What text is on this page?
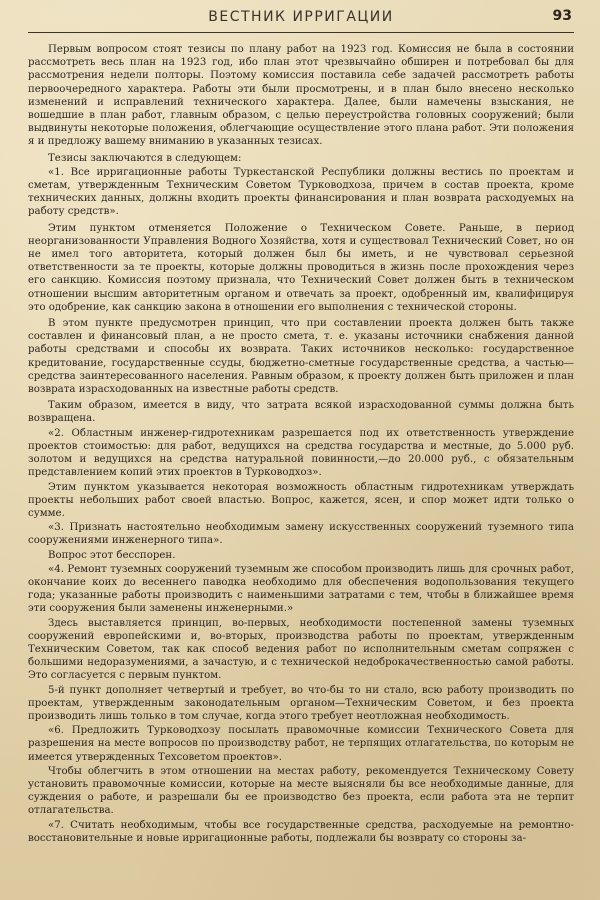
ВЕСТНИК ИРРИГАЦИИ	93

Первым вопросом стоят тезисы по плану работ на 1923 год. Комиссия не была в состоянии рассмотреть весь план на 1923 год, ибо план этот чрезвычайно обширен и потребовал бы для рассмотрения недели полторы. Поэтому комиссия поставила себе задачей рассмотреть работы первоочередного характера. Работы эти были просмотрены, и в план было внесено несколько изменений и исправлений технического характера. Далее, были намечены взыскания, не вошедшие в план работ, главным образом, с целью переустройства головных сооружений; были выдвинуты некоторые положения, облегчающие осуществление этого плана работ. Эти положения я и предложу вашему вниманию в указанных тезисах.

Тезисы заключаются в следующем:

«1. Все ирригационные работы Туркестанской Республики должны вестись по проектам и сметам, утвержденным Техническим Советом Турководхоза, причем в состав проекта, кроме технических данных, должны входить проекты финансирования и план возврата расходуемых на работу средств».

Этим пунктом отменяется Положение о Техническом Совете. Раньше, в период неорганизованности Управления Водного Хозяйства, хотя и существовал Технический Совет, но он не имел того авторитета, который должен был бы иметь, и не чувствовал серьезной ответственности за те проекты, которые должны проводиться в жизнь после прохождения через его санкцию. Комиссия поэтому признала, что Технический Совет должен быть в техническом отношении высшим авторитетным органом и отвечать за проект, одобренный им, квалифицируя это одобрение, как санкцию закона в отношении его выполнения с технической стороны.

В этом пункте предусмотрен принцип, что при составлении проекта должен быть также составлен и финансовый план, а не просто смета, т. е. указаны источники снабжения данной работы средствами и способы их возврата. Таких источников несколько: государственное кредитование, государственные ссуды, бюджетно-сметные государственные средства, а частью—средства заинтересованного населения. Равным образом, к проекту должен быть приложен и план возврата израсходованных на известные работы средств.

Таким образом, имеется в виду, что затрата всякой израсходованной суммы должна быть возвращена.

«2. Областным инженер-гидротехникам разрешается под их ответственность утверждение проектов стоимостью: для работ, ведущихся на средства государства и местные, до 5.000 руб. золотом и ведущихся на средства натуральной повинности,—до 20.000 руб., с обязательным представлением копий этих проектов в Турководхоз».

Этим пунктом указывается некоторая возможность областным гидротехникам утверждать проекты небольших работ своей властью. Вопрос, кажется, ясен, и спор может идти только о сумме.

«3. Признать настоятельно необходимым замену искусственных сооружений туземного типа сооружениями инженерного типа».

Вопрос этот бесспорен.

«4. Ремонт туземных сооружений туземным же способом производить лишь для срочных работ, окончание коих до весеннего паводка необходимо для обеспечения водопользования текущего года; указанные работы производить с наименьшими затратами с тем, чтобы в ближайшее время эти сооружения были заменены инженерными.»

Здесь выставляется принцип, во-первых, необходимости постепенной замены туземных сооружений европейскими и, во-вторых, производства работы по проектам, утвержденным Техническим Советом, так как способ ведения работ по исполнительным сметам сопряжен с большими недоразумениями, а зачастую, и с технической недоброкачественностью самой работы. Это согласуется с первым пунктом.

5-й пункт дополняет четвертый и требует, во что-бы то ни стало, всю работу производить по проектам, утвержденным законодательным органом—Техническим Советом, и без проекта производить лишь только в том случае, когда этого требует неотложная необходимость.

«6. Предложить Турководхозу посылать правомочные комиссии Технического Совета для разрешения на месте вопросов по производству работ, не терпящих отлагательства, по которым не имеется утвержденных Техсоветом проектов».

Чтобы облегчить в этом отношении на местах работу, рекомендуется Техническому Совету установить правомочные комиссии, которые на месте выясняли бы все необходимые данные, для суждения о работе, и разрешали бы ее производство без проекта, если работа эта не терпит отлагательства.

«7. Считать необходимым, чтобы все государственные средства, расходуемые на ремонтно-восстановительные и новые ирригационные работы, подлежали бы возврату со стороны за-
